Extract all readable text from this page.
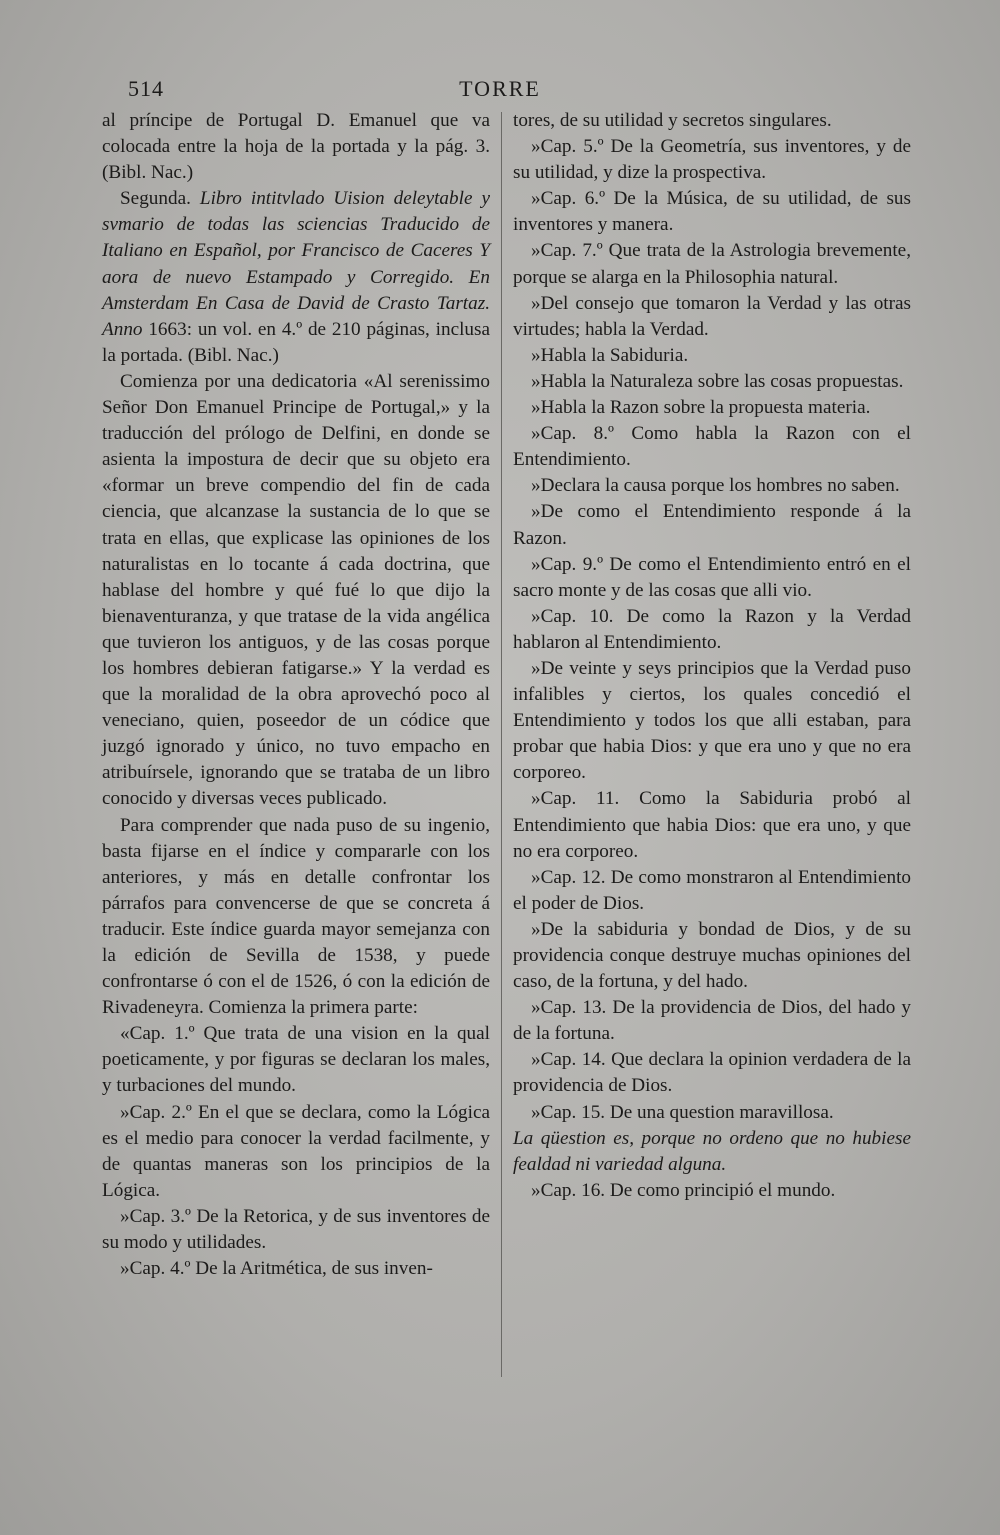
514	TORRE

al príncipe de Portugal D. Emanuel que va colocada entre la hoja de la portada y la pág. 3. (Bibl. Nac.)

Segunda. Libro intitvlado Uision deleytable y svmario de todas las sciencias Traducido de Italiano en Español, por Francisco de Caceres Y aora de nuevo Estampado y Corregido. En Amsterdam En Casa de David de Crasto Tartaz. Anno 1663: un vol. en 4.º de 210 páginas, inclusa la portada. (Bibl. Nac.)

Comienza por una dedicatoria «Al serenissimo Señor Don Emanuel Principe de Portugal,» y la traducción del prólogo de Delfini, en donde se asienta la impostura de decir que su objeto era «formar un breve compendio del fin de cada ciencia, que alcanzase la sustancia de lo que se trata en ellas, que explicase las opiniones de los naturalistas en lo tocante á cada doctrina, que hablase del hombre y qué fué lo que dijo la bienaventuranza, y que tratase de la vida angélica que tuvieron los antiguos, y de las cosas porque los hombres debieran fatigarse.» Y la verdad es que la moralidad de la obra aprovechó poco al veneciano, quien, poseedor de un códice que juzgó ignorado y único, no tuvo empacho en atribuírsele, ignorando que se trataba de un libro conocido y diversas veces publicado.

Para comprender que nada puso de su ingenio, basta fijarse en el índice y compararle con los anteriores, y más en detalle confrontar los párrafos para convencerse de que se concreta á traducir. Este índice guarda mayor semejanza con la edición de Sevilla de 1538, y puede confrontarse ó con el de 1526, ó con la edición de Rivadeneyra. Comienza la primera parte:

«Cap. 1.º Que trata de una vision en la qual poeticamente, y por figuras se declaran los males, y turbaciones del mundo.

»Cap. 2.º En el que se declara, como la Lógica es el medio para conocer la verdad facilmente, y de quantas maneras son los principios de la Lógica.

»Cap. 3.º De la Retorica, y de sus inventores de su modo y utilidades.

»Cap. 4.º De la Aritmética, de sus inven-

tores, de su utilidad y secretos singulares.

»Cap. 5.º De la Geometría, sus inventores, y de su utilidad, y dize la prospectiva.

»Cap. 6.º De la Música, de su utilidad, de sus inventores y manera.

»Cap. 7.º Que trata de la Astrologia brevemente, porque se alarga en la Philosophia natural.

»Del consejo que tomaron la Verdad y las otras virtudes; habla la Verdad.

»Habla la Sabiduria.

»Habla la Naturaleza sobre las cosas propuestas.

»Habla la Razon sobre la propuesta materia.

»Cap. 8.º Como habla la Razon con el Entendimiento.

»Declara la causa porque los hombres no saben.

»De como el Entendimiento responde á la Razon.

»Cap. 9.º De como el Entendimiento entró en el sacro monte y de las cosas que alli vio.

»Cap. 10. De como la Razon y la Verdad hablaron al Entendimiento.

»De veinte y seys principios que la Verdad puso infalibles y ciertos, los quales concedió el Entendimiento y todos los que alli estaban, para probar que habia Dios: y que era uno y que no era corporeo.

»Cap. 11. Como la Sabiduria probó al Entendimiento que habia Dios: que era uno, y que no era corporeo.

»Cap. 12. De como monstraron al Entendimiento el poder de Dios.

»De la sabiduria y bondad de Dios, y de su providencia conque destruye muchas opiniones del caso, de la fortuna, y del hado.

»Cap. 13. De la providencia de Dios, del hado y de la fortuna.

»Cap. 14. Que declara la opinion verdadera de la providencia de Dios.

»Cap. 15. De una question maravillosa.

La qüestion es, porque no ordeno que no hubiese fealdad ni variedad alguna.

»Cap. 16. De como principió el mundo.
